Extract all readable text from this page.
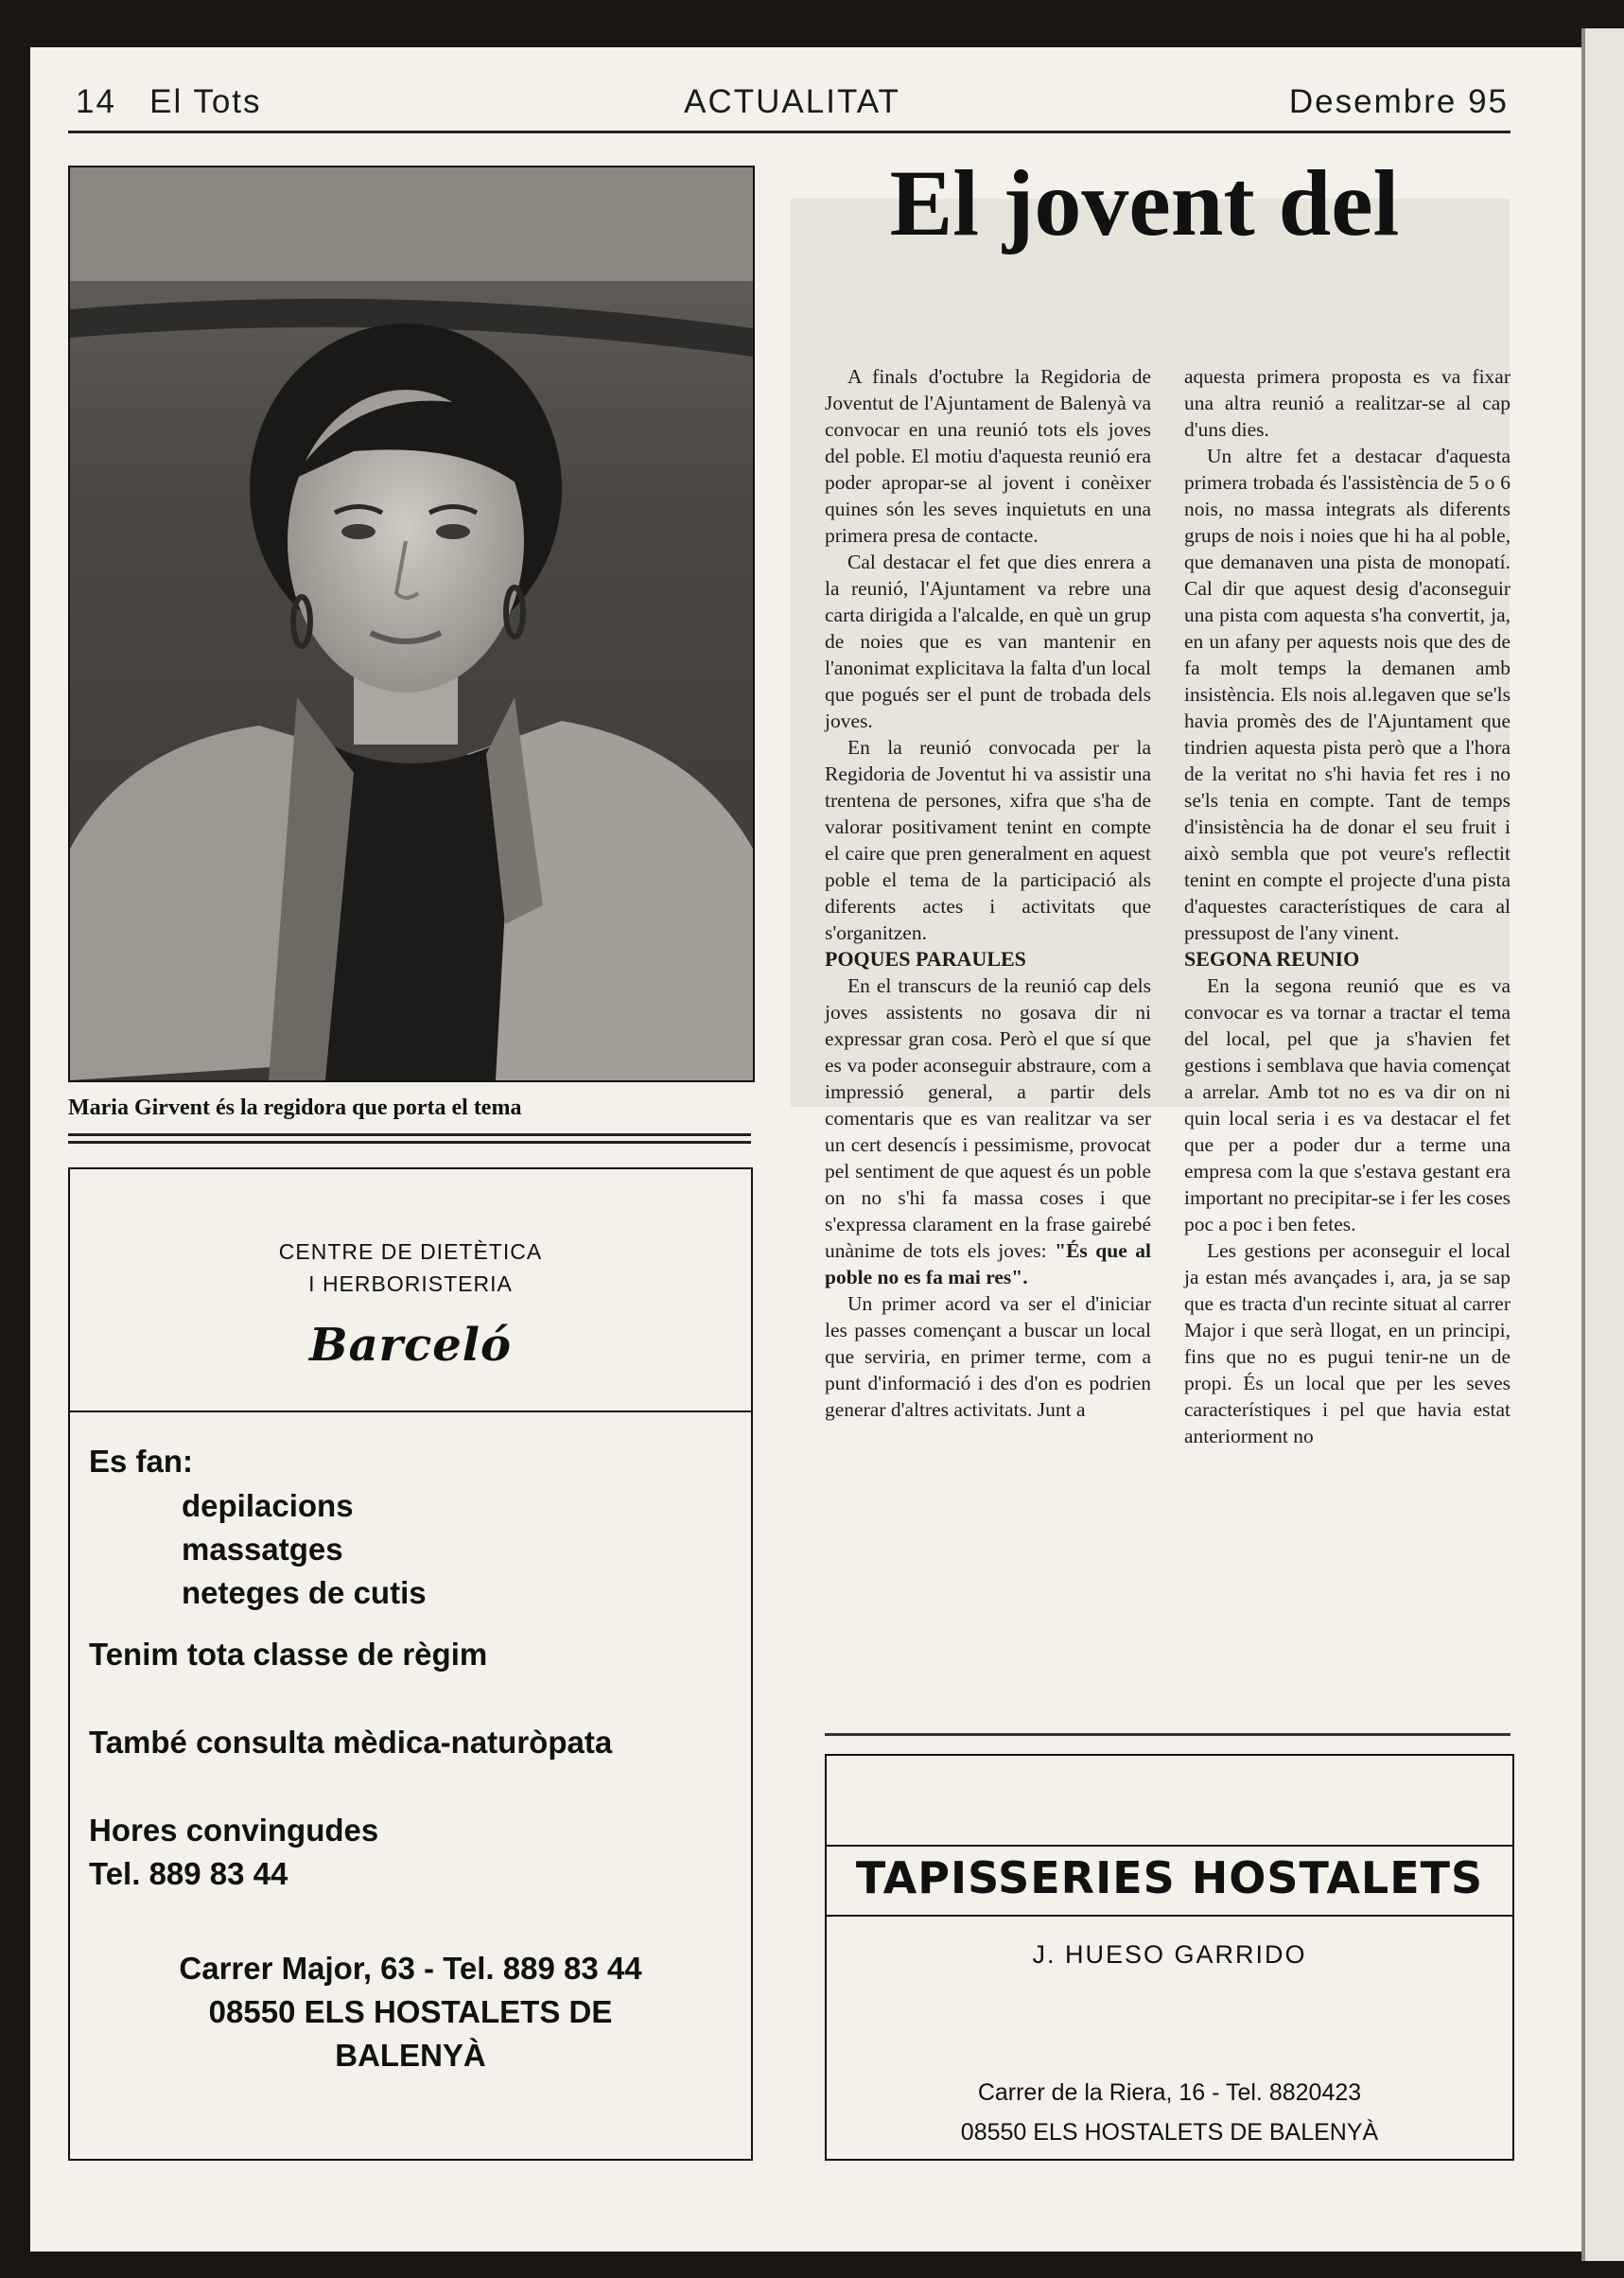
14 El Tots	ACTUALITAT	Desembre 95
Maria Girvent és la regidora que porta el tema
El jovent del

A finals d'octubre la Regidoria de Joventut de l'Ajuntament de Balenyà va convocar en una reunió tots els joves del poble. El motiu d'aquesta reunió era poder apropar-se al jovent i conèixer quines són les seves inquietuts en una primera presa de contacte.

Cal destacar el fet que dies enrera a la reunió, l'Ajuntament va rebre una carta dirigida a l'alcalde, en què un grup de noies que es van mantenir en l'anonimat explicitava la falta d'un local que pogués ser el punt de trobada dels joves.

En la reunió convocada per la Regidoria de Joventut hi va assistir una trentena de persones, xifra que s'ha de valorar positivament tenint en compte el caire que pren generalment en aquest poble el tema de la participació als diferents actes i activitats que s'organitzen.

POQUES PARAULES

En el transcurs de la reunió cap dels joves assistents no gosava dir ni expressar gran cosa. Però el que sí que es va poder aconseguir abstraure, com a impressió general, a partir dels comentaris que es van realitzar va ser un cert desencís i pessimisme, provocat pel sentiment de que aquest és un poble on no s'hi fa massa coses i que s'expressa clarament en la frase gairebé unànime de tots els joves: "És que al poble no es fa mai res".

Un primer acord va ser el d'iniciar les passes començant a buscar un local que serviria, en primer terme, com a punt d'informació i des d'on es podrien generar d'altres activitats. Junt a

aquesta primera proposta es va fixar una altra reunió a realitzar-se al cap d'uns dies.

Un altre fet a destacar d'aquesta primera trobada és l'assistència de 5 o 6 nois, no massa integrats als diferents grups de nois i noies que hi ha al poble, que demanaven una pista de monopatí. Cal dir que aquest desig d'aconseguir una pista com aquesta s'ha convertit, ja, en un afany per aquests nois que des de fa molt temps la demanen amb insistència. Els nois al.legaven que se'ls havia promès des de l'Ajuntament que tindrien aquesta pista però que a l'hora de la veritat no s'hi havia fet res i no se'ls tenia en compte. Tant de temps d'insistència ha de donar el seu fruit i això sembla que pot veure's reflectit tenint en compte el projecte d'una pista d'aquestes característiques de cara al pressupost de l'any vinent.

SEGONA REUNIO

En la segona reunió que es va convocar es va tornar a tractar el tema del local, pel que ja s'havien fet gestions i semblava que havia començat a arrelar. Amb tot no es va dir on ni quin local seria i es va destacar el fet que per a poder dur a terme una empresa com la que s'estava gestant era important no precipitar-se i fer les coses poc a poc i ben fetes.

Les gestions per aconseguir el local ja estan més avançades i, ara, ja se sap que es tracta d'un recinte situat al carrer Major i que serà llogat, en un principi, fins que no es pugui tenir-ne un de propi. És un local que per les seves característiques i pel que havia estat anteriorment no

CENTRE DE DIETÈTICA
I HERBORISTERIA
Barceló
Es fan:
depilacions
massatges
neteges de cutis
Tenim tota classe de règim
També consulta mèdica-naturòpata
Hores convingudes
Tel. 889 83 44
Carrer Major, 63 - Tel. 889 83 44
08550 ELS HOSTALETS DE
BALENYÀ
TAPISSERIES HOSTALETS
J. HUESO GARRIDO
Carrer de la Riera, 16 - Tel. 8820423
08550 ELS HOSTALETS DE BALENYÀ
